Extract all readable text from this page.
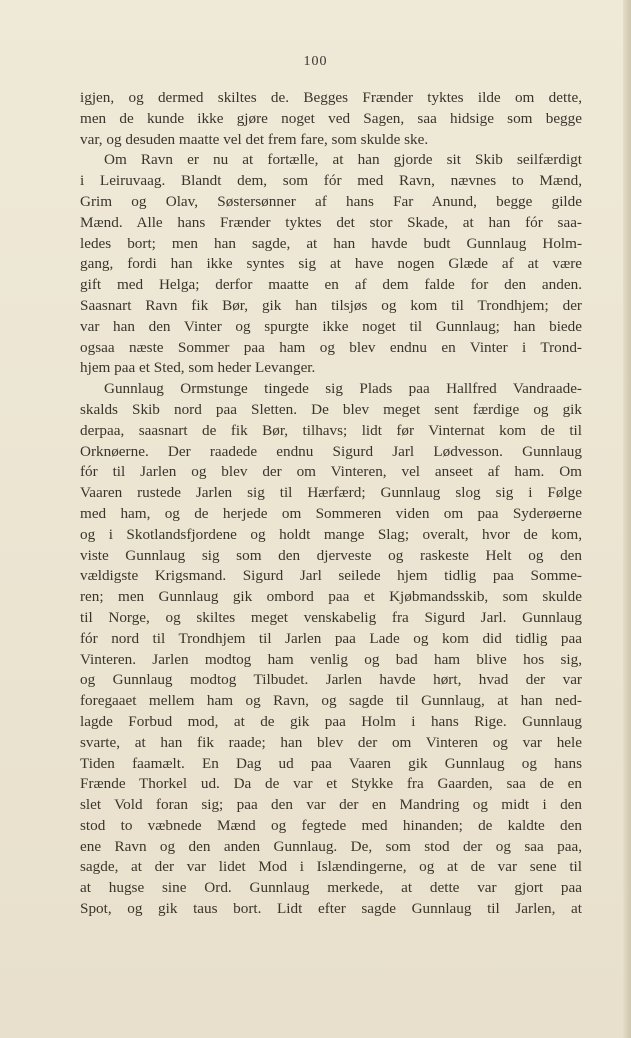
100

igjen, og dermed skiltes de. Begges Frænder tyktes ilde om dette,

men de kunde ikke gjøre noget ved Sagen, saa hidsige som begge

var, og desuden maatte vel det frem fare, som skulde ske.

Om Ravn er nu at fortælle, at han gjorde sit Skib seilfærdigt

i Leiruvaag. Blandt dem, som fór med Ravn, nævnes to Mænd,

Grim og Olav, Søstersønner af hans Far Anund, begge gilde

Mænd. Alle hans Frænder tyktes det stor Skade, at han fór saa-

ledes bort; men han sagde, at han havde budt Gunnlaug Holm-

gang, fordi han ikke syntes sig at have nogen Glæde af at være

gift med Helga; derfor maatte en af dem falde for den anden.

Saasnart Ravn fik Bør, gik han tilsjøs og kom til Trondhjem; der

var han den Vinter og spurgte ikke noget til Gunnlaug; han biede

ogsaa næste Sommer paa ham og blev endnu en Vinter i Trond-

hjem paa et Sted, som heder Levanger.

Gunnlaug Ormstunge tingede sig Plads paa Hallfred Vandraade-

skalds Skib nord paa Sletten. De blev meget sent færdige og gik

derpaa, saasnart de fik Bør, tilhavs; lidt før Vinternat kom de til

Orknøerne. Der raadede endnu Sigurd Jarl Lødvesson. Gunnlaug

fór til Jarlen og blev der om Vinteren, vel anseet af ham. Om

Vaaren rustede Jarlen sig til Hærfærd; Gunnlaug slog sig i Følge

med ham, og de herjede om Sommeren viden om paa Syderøerne

og i Skotlandsfjordene og holdt mange Slag; overalt, hvor de kom,

viste Gunnlaug sig som den djerveste og raskeste Helt og den

vældigste Krigsmand. Sigurd Jarl seilede hjem tidlig paa Somme-

ren; men Gunnlaug gik ombord paa et Kjøbmandsskib, som skulde

til Norge, og skiltes meget venskabelig fra Sigurd Jarl. Gunnlaug

fór nord til Trondhjem til Jarlen paa Lade og kom did tidlig paa

Vinteren. Jarlen modtog ham venlig og bad ham blive hos sig,

og Gunnlaug modtog Tilbudet. Jarlen havde hørt, hvad der var

foregaaet mellem ham og Ravn, og sagde til Gunnlaug, at han ned-

lagde Forbud mod, at de gik paa Holm i hans Rige. Gunnlaug

svarte, at han fik raade; han blev der om Vinteren og var hele

Tiden faamælt. En Dag ud paa Vaaren gik Gunnlaug og hans

Frænde Thorkel ud. Da de var et Stykke fra Gaarden, saa de en

slet Vold foran sig; paa den var der en Mandring og midt i den

stod to væbnede Mænd og fegtede med hinanden; de kaldte den

ene Ravn og den anden Gunnlaug. De, som stod der og saa paa,

sagde, at der var lidet Mod i Islændingerne, og at de var sene til

at hugse sine Ord. Gunnlaug merkede, at dette var gjort paa

Spot, og gik taus bort. Lidt efter sagde Gunnlaug til Jarlen, at
